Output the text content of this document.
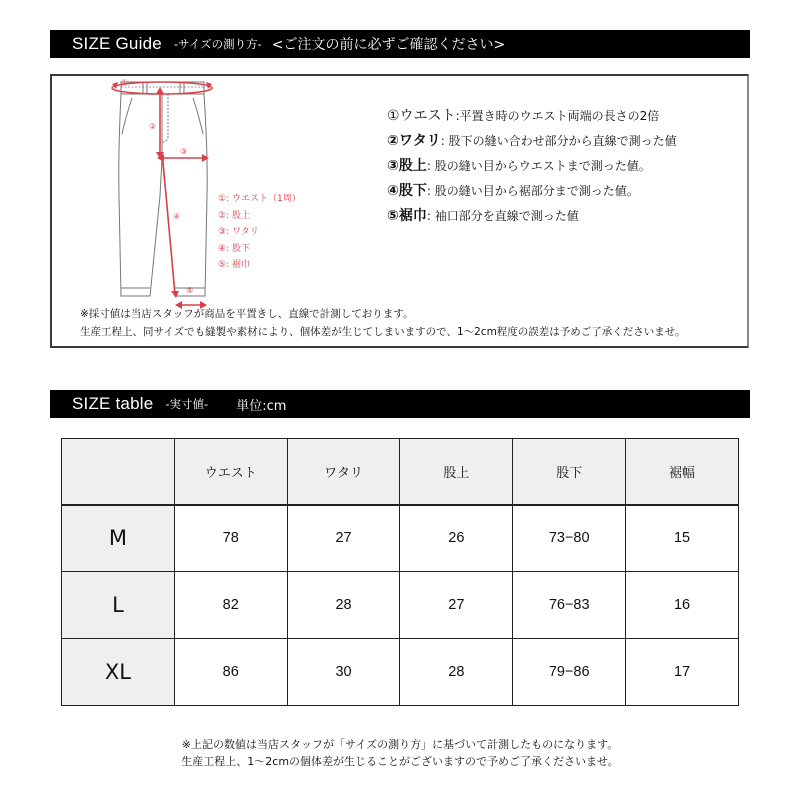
SIZE Guide -サイズの測り方- <ご注文の前に必ずご確認ください>
①
②
③
④
⑤
①: ウエスト（1周）
②: 股上
③: ワタリ
④: 股下
⑤: 裾巾
①ウエスト:平置き時のウエスト両端の長さの2倍
②ワタリ: 股下の縫い合わせ部分から直線で測った値
③股上: 股の縫い目からウエストまで測った値。
④股下: 股の縫い目から裾部分まで測った値。
⑤裾巾: 袖口部分を直線で測った値
※採寸値は当店スタッフが商品を平置きし、直線で計測しております。
生産工程上、同サイズでも縫製や素材により、個体差が生じてしまいますので、1～2cm程度の誤差は予めご了承くださいませ。
SIZE table -実寸値- 単位:cm
	ウエスト	ワタリ	股上	股下	裾幅
M	78	27	26	73−80	15
L	82	28	27	76−83	16
XL	86	30	28	79−86	17
※上記の数値は当店スタッフが「サイズの測り方」に基づいて計測したものになります。
生産工程上、1～2cmの個体差が生じることがございますので予めご了承くださいませ。
